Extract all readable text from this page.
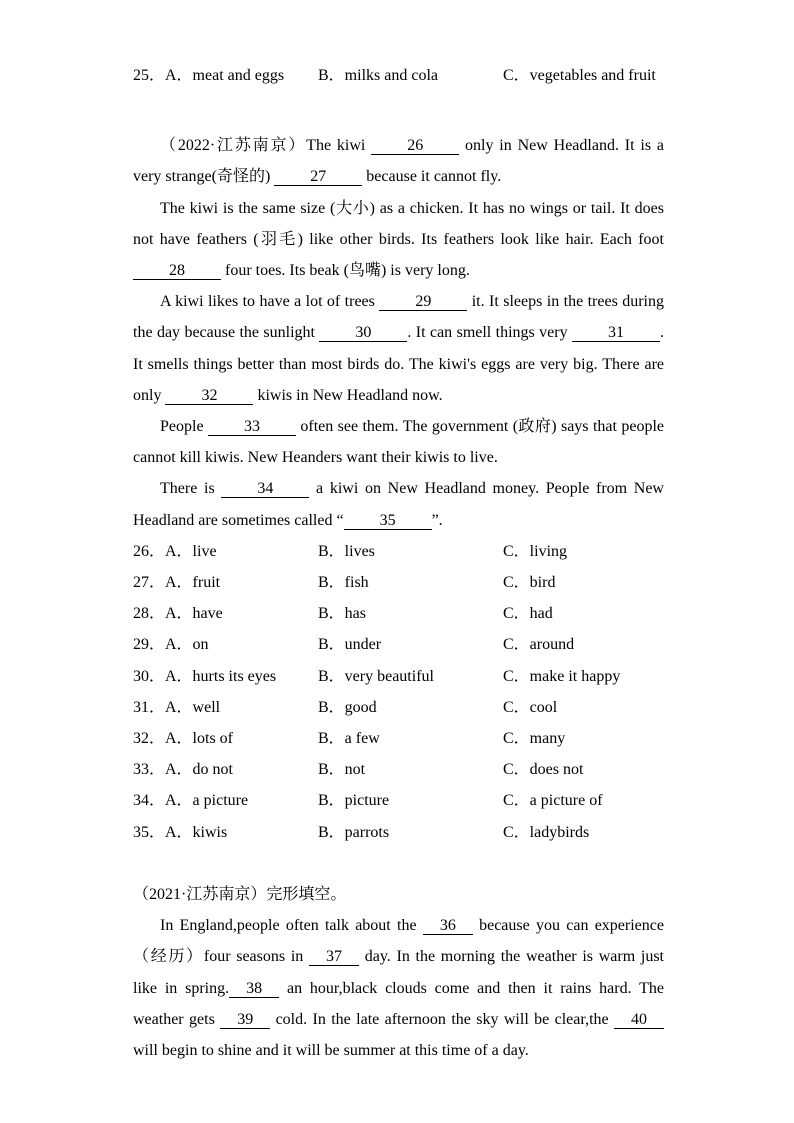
25．A．meat and eggs	B．milks and cola	C．vegetables and fruit

（2022·江苏南京）The kiwi 26 only in New Headland. It is a very strange(奇怪的) 27 because it cannot fly.

The kiwi is the same size (大小) as a chicken. It has no wings or tail. It does not have feathers (羽毛) like other birds. Its feathers look like hair. Each foot 28 four toes. Its beak (鸟嘴) is very long.

A kiwi likes to have a lot of trees 29 it. It sleeps in the trees during the day because the sunlight 30 . It can smell things very 31 . It smells things better than most birds do. The kiwi's eggs are very big. There are only 32 kiwis in New Headland now.

People 33 often see them. The government (政府) says that people cannot kill kiwis. New Heanders want their kiwis to live.

There is 34 a kiwi on New Headland money. People from New Headland are sometimes called “ 35 ”.

26．A．live	B．lives	C．living
27．A．fruit	B．fish	C．bird
28．A．have	B．has	C．had
29．A．on	B．under	C．around
30．A．hurts its eyes	B．very beautiful	C．make it happy
31．A．well	B．good	C．cool
32．A．lots of	B．a few	C．many
33．A．do not	B．not	C．does not
34．A．a picture	B．picture	C．a picture of
35．A．kiwis	B．parrots	C．ladybirds

（2021·江苏南京）完形填空。

In England,people often talk about the 36 because you can experience（经历）four seasons in 37 day. In the morning the weather is warm just like in spring. 38 an hour,black clouds come and then it rains hard. The weather gets 39 cold. In the late afternoon the sky will be clear,the 40will begin to shine and it will be summer at this time of a day.
